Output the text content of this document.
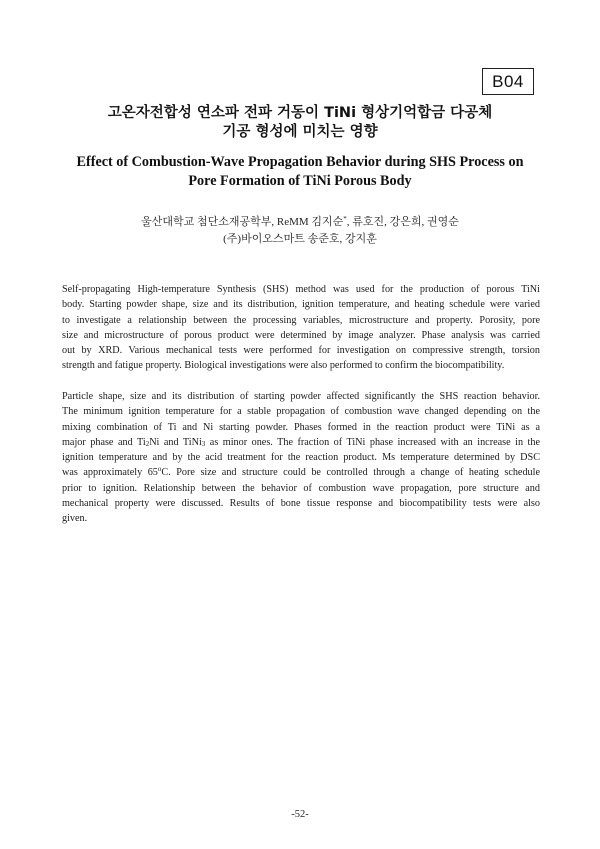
B04
고온자전합성 연소파 전파 거동이 TiNi 형상기억합금 다공체
기공 형성에 미치는 영향
Effect of Combustion-Wave Propagation Behavior during SHS Process on
Pore Formation of TiNi Porous Body
울산대학교 첨단소재공학부, ReMM 김지순*, 류호진, 강은희, 권영순
(주)바이오스마트 송준호, 강지훈
Self-propagating High-temperature Synthesis (SHS) method was used for the production of porous TiNi
body. Starting powder shape, size and its distribution, ignition temperature, and heating schedule were varied
to investigate a relationship between the processing variables, microstructure and property. Porosity, pore
size and microstructure of porous product were determined by image analyzer. Phase analysis was carried
out by XRD. Various mechanical tests were performed for investigation on compressive strength, torsion
strength and fatigue property. Biological investigations were also performed to confirm the biocompatibility.
Particle shape, size and its distribution of starting powder affected significantly the SHS reaction behavior.
The minimum ignition temperature for a stable propagation of combustion wave changed depending on the
mixing combination of Ti and Ni starting powder. Phases formed in the reaction product were TiNi as a
major phase and $Ti_2Ni$ and TiNi$_3$ as minor ones. The fraction of TiNi phase increased with an increase in the
ignition temperature and by the acid treatment for the reaction product. Ms temperature determined by DSC
was approximately 65$^o$C. Pore size and structure could be controlled through a change of heating schedule
prior to ignition. Relationship between the behavior of combustion wave propagation, pore structure and
mechanical property were discussed. Results of bone tissue response and biocompatibility tests were also
given.
-52-
